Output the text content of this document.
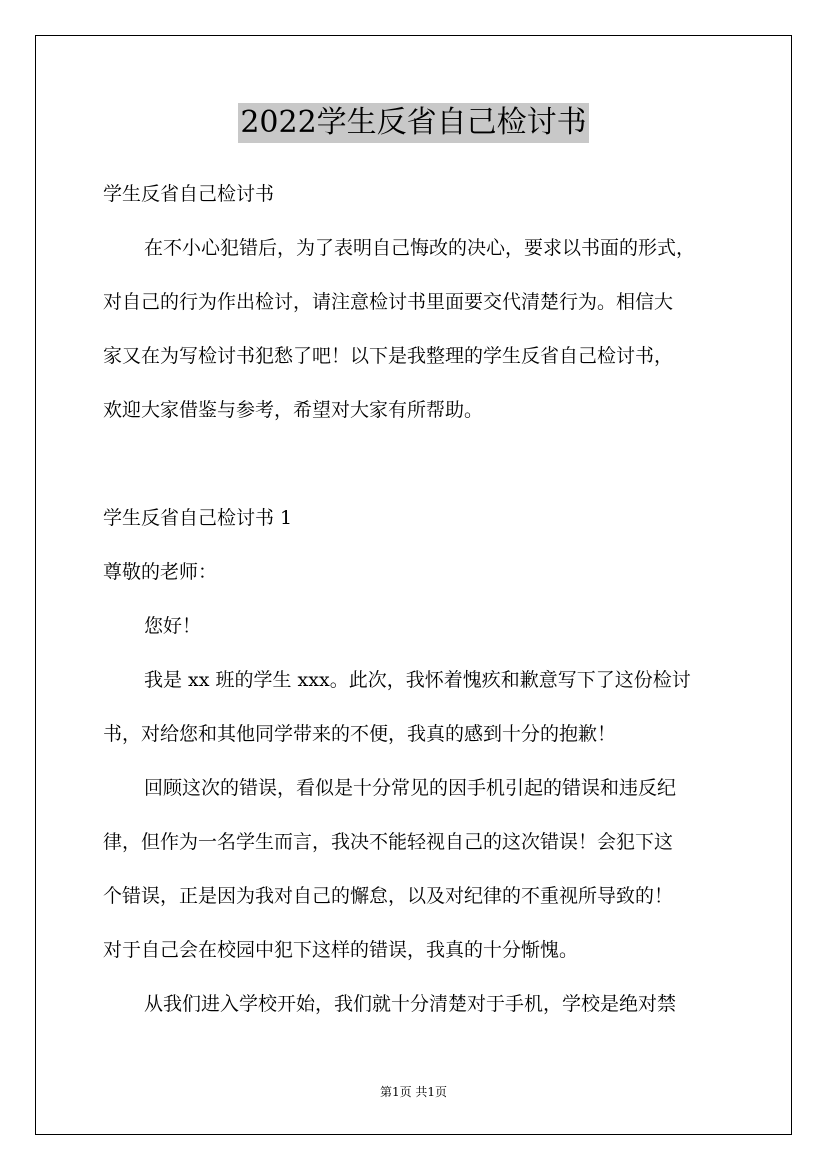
2022学生反省自己检讨书
学生反省自己检讨书
在不小心犯错后，为了表明自己悔改的决心，要求以书面的形式，
对自己的行为作出检讨，请注意检讨书里面要交代清楚行为。相信大
家又在为写检讨书犯愁了吧！以下是我整理的学生反省自己检讨书，
欢迎大家借鉴与参考，希望对大家有所帮助。
学生反省自己检讨书 1
尊敬的老师：
您好！
我是 xx 班的学生 xxx。此次，我怀着愧疚和歉意写下了这份检讨
书，对给您和其他同学带来的不便，我真的感到十分的抱歉！
回顾这次的错误，看似是十分常见的因手机引起的错误和违反纪
律，但作为一名学生而言，我决不能轻视自己的这次错误！会犯下这
个错误，正是因为我对自己的懈怠，以及对纪律的不重视所导致的！
对于自己会在校园中犯下这样的错误，我真的十分惭愧。
从我们进入学校开始，我们就十分清楚对于手机，学校是绝对禁
第1页 共1页
